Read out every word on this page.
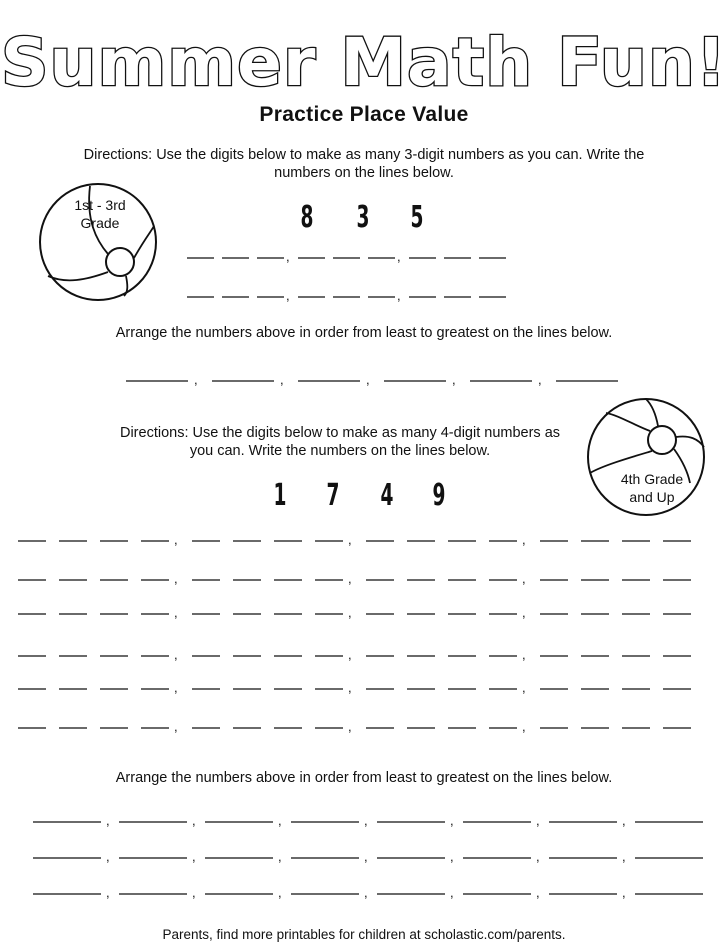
Summer Math Fun!
Practice Place Value
Directions: Use the digits below to make as many 3-digit numbers as you can. Write the
numbers on the lines below.
1st - 3rd
Grade	8 3 5
Arrange the numbers above in order from least to greatest on the lines below.
Directions: Use the digits below to make as many 4-digit numbers as
you can. Write the numbers on the lines below.
4th Grade
and Up
1 7 4 9
Arrange the numbers above in order from least to greatest on the lines below.
,	,
,	,
,	,	,	,	,
,	,	,
,	,	,
,	,	,
,	,	,
,	,	,
,	,	,
,	,	,	,	,	,	,
,	,	,	,	,	,	,
,	,	,	,	,	,	,
Parents, find more printables for children at scholastic.com/parents.
